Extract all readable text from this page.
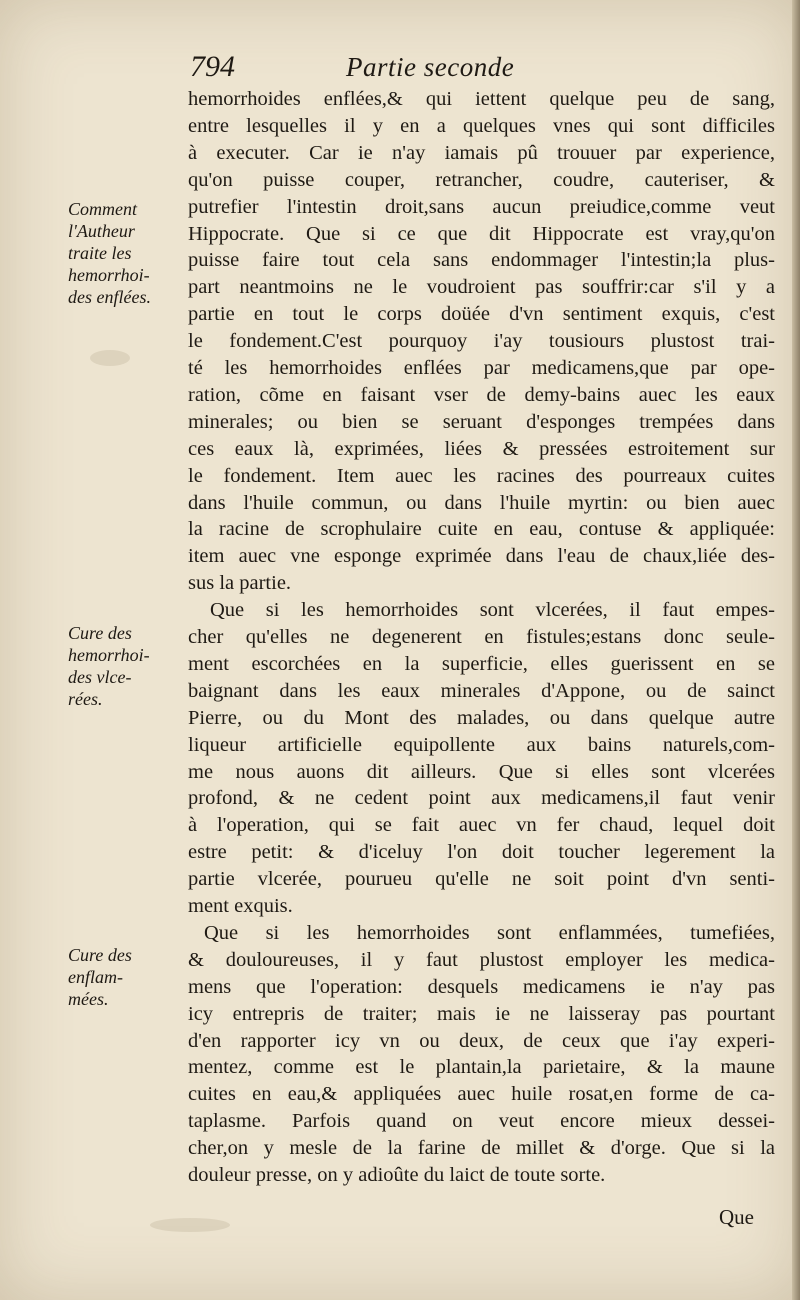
794	Partie seconde
Comment
l'Autheur
traite les
hemorrhoi-
des enflées.
Cure des
hemorrhoi-
des vlce-
rées.
Cure des
enflam-
mées.
hemorrhoides enflées,& qui iettent quelque peu de sang,
entre lesquelles il y en a quelques vnes qui sont difficiles
à executer. Car ie n'ay iamais pû trouuer par experience,
qu'on puisse couper, retrancher, coudre, cauteriser, &
putrefier l'intestin droit,sans aucun preiudice,comme veut
Hippocrate. Que si ce que dit Hippocrate est vray,qu'on
puisse faire tout cela sans endommager l'intestin;la plus-
part neantmoins ne le voudroient pas souffrir:car s'il y a
partie en tout le corps doüée d'vn sentiment exquis, c'est
le fondement.C'est pourquoy i'ay tousiours plustost trai-
té les hemorrhoides enflées par medicamens,que par ope-
ration, cõme en faisant vser de demy-bains auec les eaux
minerales; ou bien se seruant d'esponges trempées dans
ces eaux là, exprimées, liées & pressées estroitement sur
le fondement. Item auec les racines des pourreaux cuites
dans l'huile commun, ou dans l'huile myrtin: ou bien auec
la racine de scrophulaire cuite en eau, contuse & appliquée:
item auec vne esponge exprimée dans l'eau de chaux,liée des-
sus la partie.
Que si les hemorrhoides sont vlcerées, il faut empes-
cher qu'elles ne degenerent en fistules;estans donc seule-
ment escorchées en la superficie, elles guerissent en se
baignant dans les eaux minerales d'Appone, ou de sainct
Pierre, ou du Mont des malades, ou dans quelque autre
liqueur artificielle equipollente aux bains naturels,com-
me nous auons dit ailleurs. Que si elles sont vlcerées
profond, & ne cedent point aux medicamens,il faut venir
à l'operation, qui se fait auec vn fer chaud, lequel doit
estre petit: & d'iceluy l'on doit toucher legerement la
partie vlcerée, pourueu qu'elle ne soit point d'vn senti-
ment exquis.
Que si les hemorrhoides sont enflammées, tumefiées,
& douloureuses, il y faut plustost employer les medica-
mens que l'operation: desquels medicamens ie n'ay pas
icy entrepris de traiter; mais ie ne laisseray pas pourtant
d'en rapporter icy vn ou deux, de ceux que i'ay experi-
mentez, comme est le plantain,la parietaire, & la maune
cuites en eau,& appliquées auec huile rosat,en forme de ca-
taplasme. Parfois quand on veut encore mieux dessei-
cher,on y mesle de la farine de millet & d'orge. Que si la
douleur presse, on y adioûte du laict de toute sorte.
Que
